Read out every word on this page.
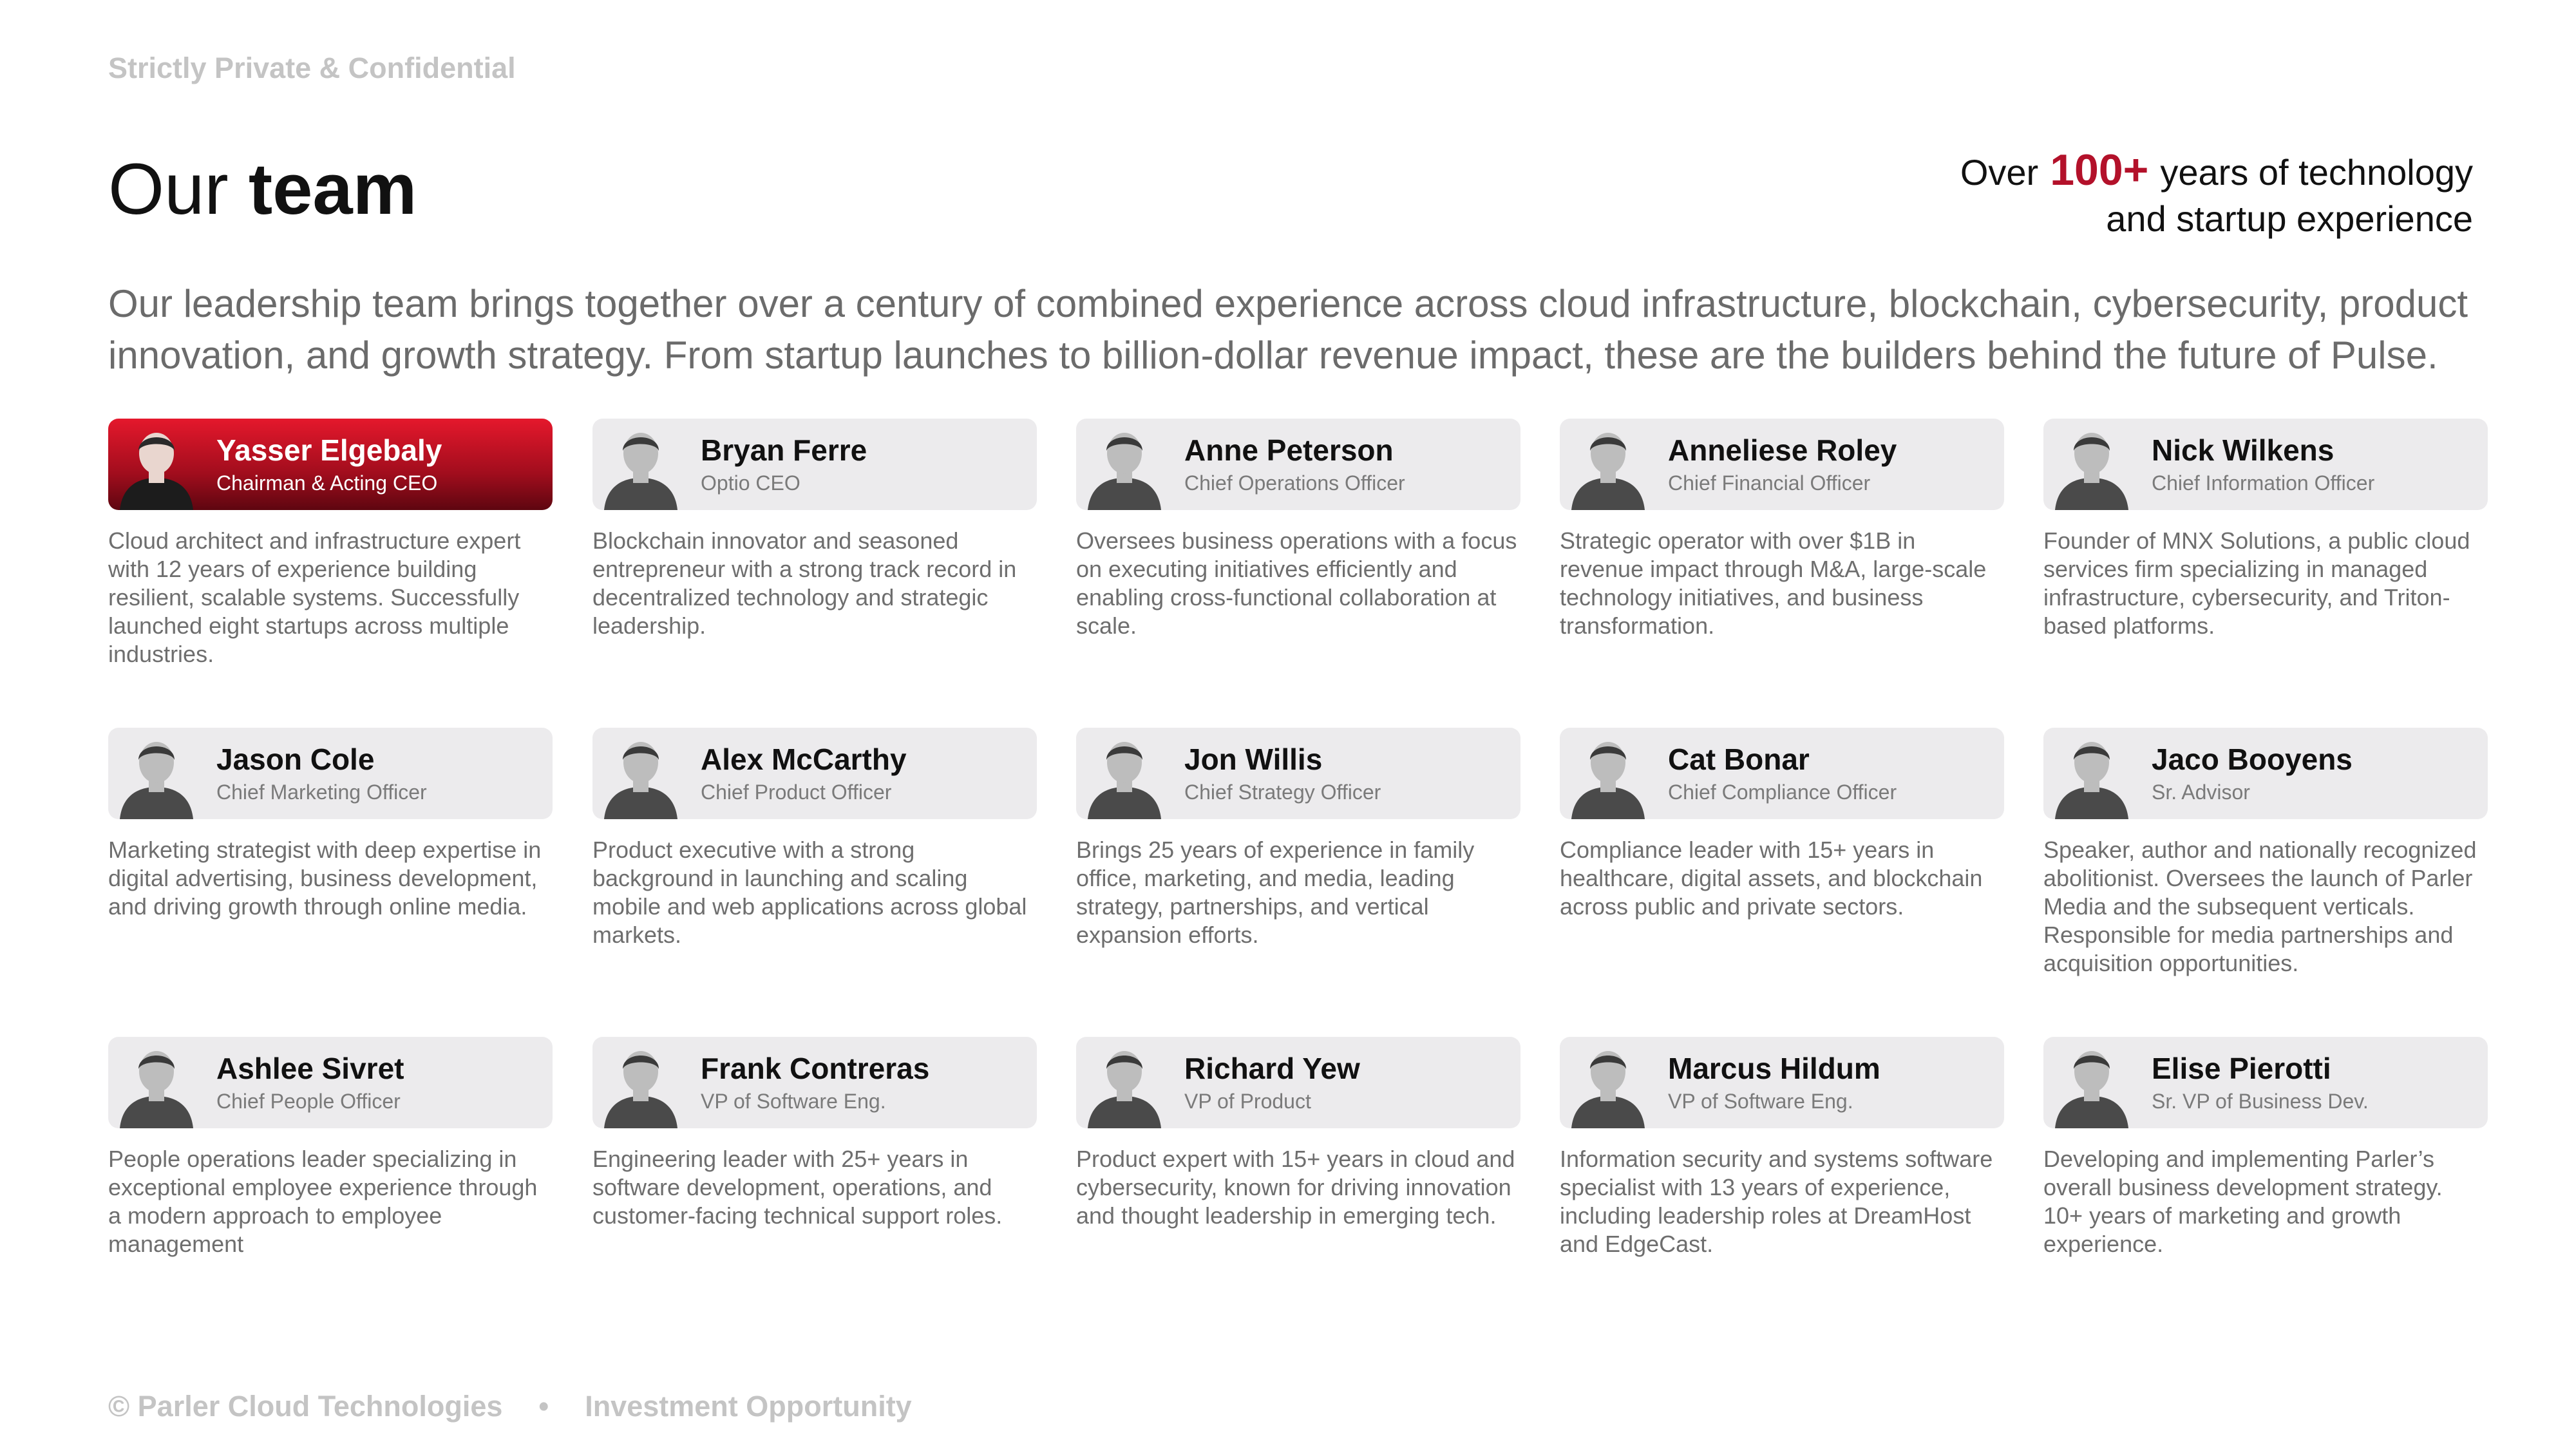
Strictly Private & Confidential
Our team	Over 100+ years of technology
and startup experience

Our leadership team brings together over a century of combined experience across cloud infrastructure, blockchain, cybersecurity, product innovation, and growth strategy. From startup launches to billion-dollar revenue impact, these are the builders behind the future of Pulse.

Yasser Elgebaly
Chairman & Acting CEO

Cloud architect and infrastructure expert with 12 years of experience building resilient, scalable systems. Successfully launched eight startups across multiple industries.

Bryan Ferre
Optio CEO

Blockchain innovator and seasoned entrepreneur with a strong track record in decentralized technology and strategic leadership.

Anne Peterson
Chief Operations Officer

Oversees business operations with a focus on executing initiatives efficiently and enabling cross-functional collaboration at scale.

Anneliese Roley
Chief Financial Officer

Strategic operator with over $1B in revenue impact through M&A, large-scale technology initiatives, and business transformation.

Nick Wilkens
Chief Information Officer

Founder of MNX Solutions, a public cloud services firm specializing in managed infrastructure, cybersecurity, and Triton-based platforms.

Jason Cole
Chief Marketing Officer

Marketing strategist with deep expertise in digital advertising, business development, and driving growth through online media.

Alex McCarthy
Chief Product Officer

Product executive with a strong background in launching and scaling mobile and web applications across global markets.

Jon Willis
Chief Strategy Officer

Brings 25 years of experience in family office, marketing, and media, leading strategy, partnerships, and vertical expansion efforts.

Cat Bonar
Chief Compliance Officer

Compliance leader with 15+ years in healthcare, digital assets, and blockchain across public and private sectors.

Jaco Booyens
Sr. Advisor

Speaker, author and nationally recognized abolitionist. Oversees the launch of Parler Media and the subsequent verticals. Responsible for media partnerships and acquisition opportunities.

Ashlee Sivret
Chief People Officer

People operations leader specializing in exceptional employee experience through a modern approach to employee management

Frank Contreras
VP of Software Eng.

Engineering leader with 25+ years in software development, operations, and customer-facing technical support roles.

Richard Yew
VP of Product

Product expert with 15+ years in cloud and cybersecurity, known for driving innovation and thought leadership in emerging tech.

Marcus Hildum
VP of Software Eng.

Information security and systems software specialist with 13 years of experience, including leadership roles at DreamHost and EdgeCast.

Elise Pierotti
Sr. VP of Business Dev.

Developing and implementing Parler’s overall business development strategy. 10+ years of marketing and growth experience.

© Parler Cloud Technologies • Investment Opportunity
